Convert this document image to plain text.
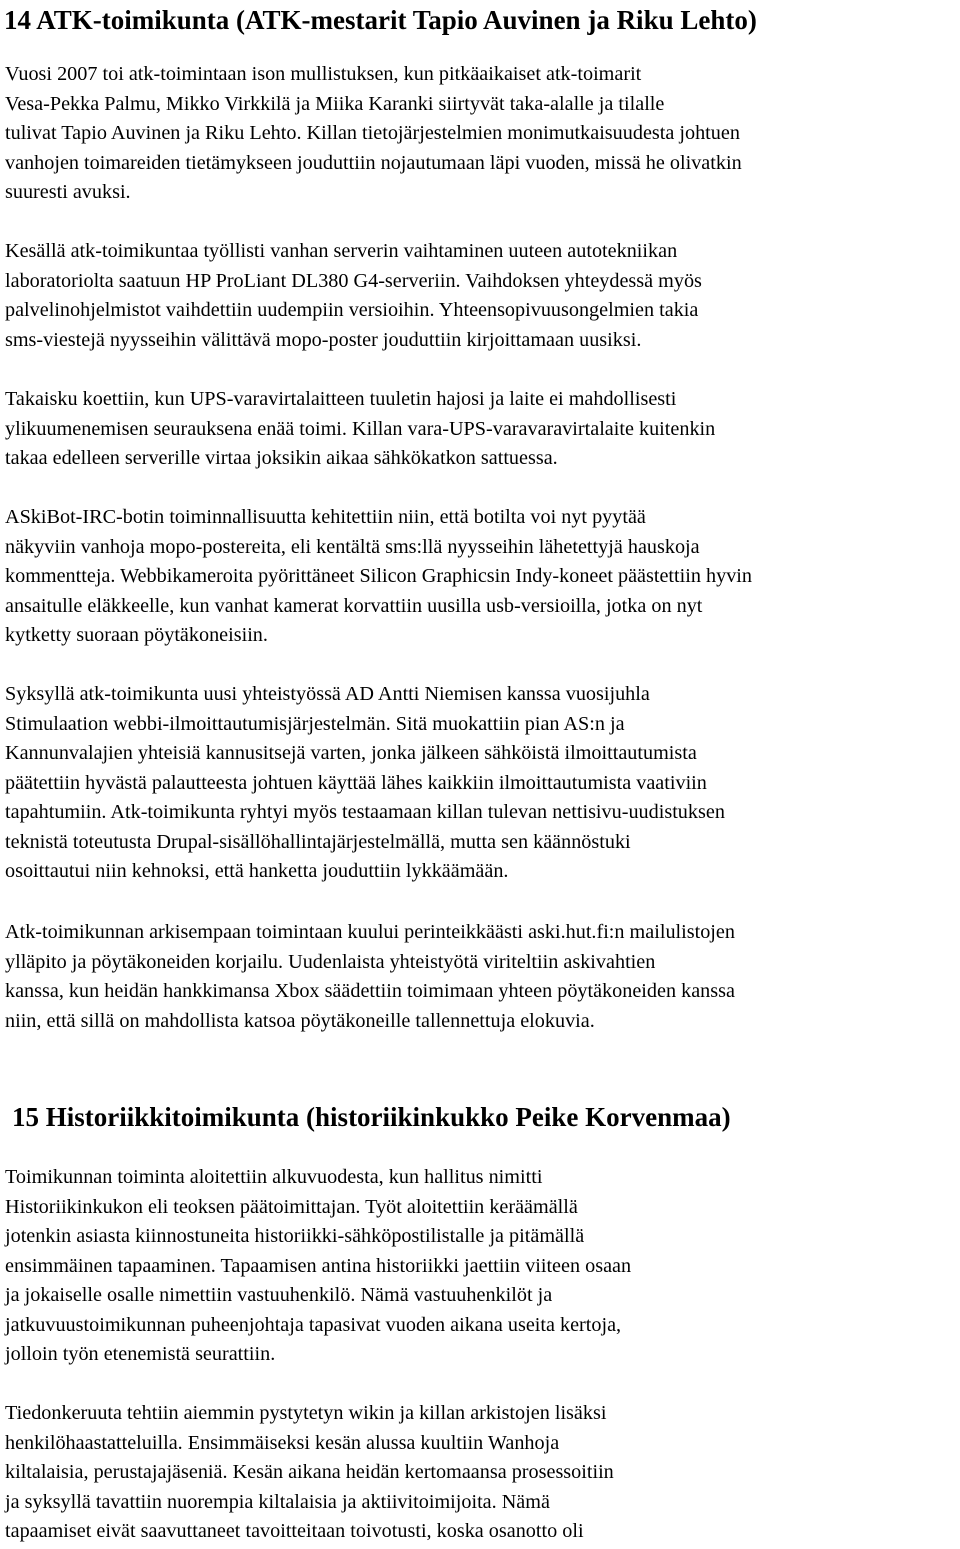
14 ATK-toimikunta (ATK-mestarit Tapio Auvinen ja Riku Lehto)

Vuosi 2007 toi atk-toimintaan ison mullistuksen, kun pitkäaikaiset atk-toimarit
Vesa-Pekka Palmu, Mikko Virkkilä ja Miika Karanki siirtyvät taka-alalle ja tilalle
tulivat Tapio Auvinen ja Riku Lehto. Killan tietojärjestelmien monimutkaisuudesta johtuen
vanhojen toimareiden tietämykseen jouduttiin nojautumaan läpi vuoden, missä he olivatkin
suuresti avuksi.

Kesällä atk-toimikuntaa työllisti vanhan serverin vaihtaminen uuteen autotekniikan
laboratoriolta saatuun HP ProLiant DL380 G4-serveriin. Vaihdoksen yhteydessä myös
palvelinohjelmistot vaihdettiin uudempiin versioihin. Yhteensopivuusongelmien takia
sms-viestejä nyysseihin välittävä mopo-poster jouduttiin kirjoittamaan uusiksi.

Takaisku koettiin, kun UPS-varavirtalaitteen tuuletin hajosi ja laite ei mahdollisesti
ylikuumenemisen seurauksena enää toimi. Killan vara-UPS-varavaravirtalaite kuitenkin
takaa edelleen serverille virtaa joksikin aikaa sähkökatkon sattuessa.

ASkiBot-IRC-botin toiminnallisuutta kehitettiin niin, että botilta voi nyt pyytää
näkyviin vanhoja mopo-postereita, eli kentältä sms:llä nyysseihin lähetettyjä hauskoja
kommentteja. Webbikameroita pyörittäneet Silicon Graphicsin Indy-koneet päästettiin hyvin
ansaitulle eläkkeelle, kun vanhat kamerat korvattiin uusilla usb-versioilla, jotka on nyt
kytketty suoraan pöytäkoneisiin.

Syksyllä atk-toimikunta uusi yhteistyössä AD Antti Niemisen kanssa vuosijuhla
Stimulaation webbi-ilmoittautumisjärjestelmän. Sitä muokattiin pian AS:n ja
Kannunvalajien yhteisiä kannusitsejä varten, jonka jälkeen sähköistä ilmoittautumista
päätettiin hyvästä palautteesta johtuen käyttää lähes kaikkiin ilmoittautumista vaativiin
tapahtumiin. Atk-toimikunta ryhtyi myös testaamaan killan tulevan nettisivu-uudistuksen
teknistä toteutusta Drupal-sisällöhallintajärjestelmällä, mutta sen käännöstuki
osoittautui niin kehnoksi, että hanketta jouduttiin lykkäämään.

Atk-toimikunnan arkisempaan toimintaan kuului perinteikkäästi aski.hut.fi:n mailulistojen
ylläpito ja pöytäkoneiden korjailu. Uudenlaista yhteistyötä viriteltiin askivahtien
kanssa, kun heidän hankkimansa Xbox säädettiin toimimaan yhteen pöytäkoneiden kanssa
niin, että sillä on mahdollista katsoa pöytäkoneille tallennettuja elokuvia.

15 Historiikkitoimikunta (historiikinkukko Peike Korvenmaa)

Toimikunnan toiminta aloitettiin alkuvuodesta, kun hallitus nimitti
Historiikinkukon eli teoksen päätoimittajan. Työt aloitettiin keräämällä
jotenkin asiasta kiinnostuneita historiikki-sähköpostilistalle ja pitämällä
ensimmäinen tapaaminen. Tapaamisen antina historiikki jaettiin viiteen osaan
ja jokaiselle osalle nimettiin vastuuhenkilö. Nämä vastuuhenkilöt ja
jatkuvuustoimikunnan puheenjohtaja tapasivat vuoden aikana useita kertoja,
jolloin työn etenemistä seurattiin.

Tiedonkeruuta tehtiin aiemmin pystytetyn wikin ja killan arkistojen lisäksi
henkilöhaastatteluilla. Ensimmäiseksi kesän alussa kuultiin Wanhoja
kiltalaisia, perustajajäseniä. Kesän aikana heidän kertomaansa prosessoitiin
ja syksyllä tavattiin nuorempia kiltalaisia ja aktiivitoimijoita. Nämä
tapaamiset eivät saavuttaneet tavoitteitaan toivotusti, koska osanotto oli
